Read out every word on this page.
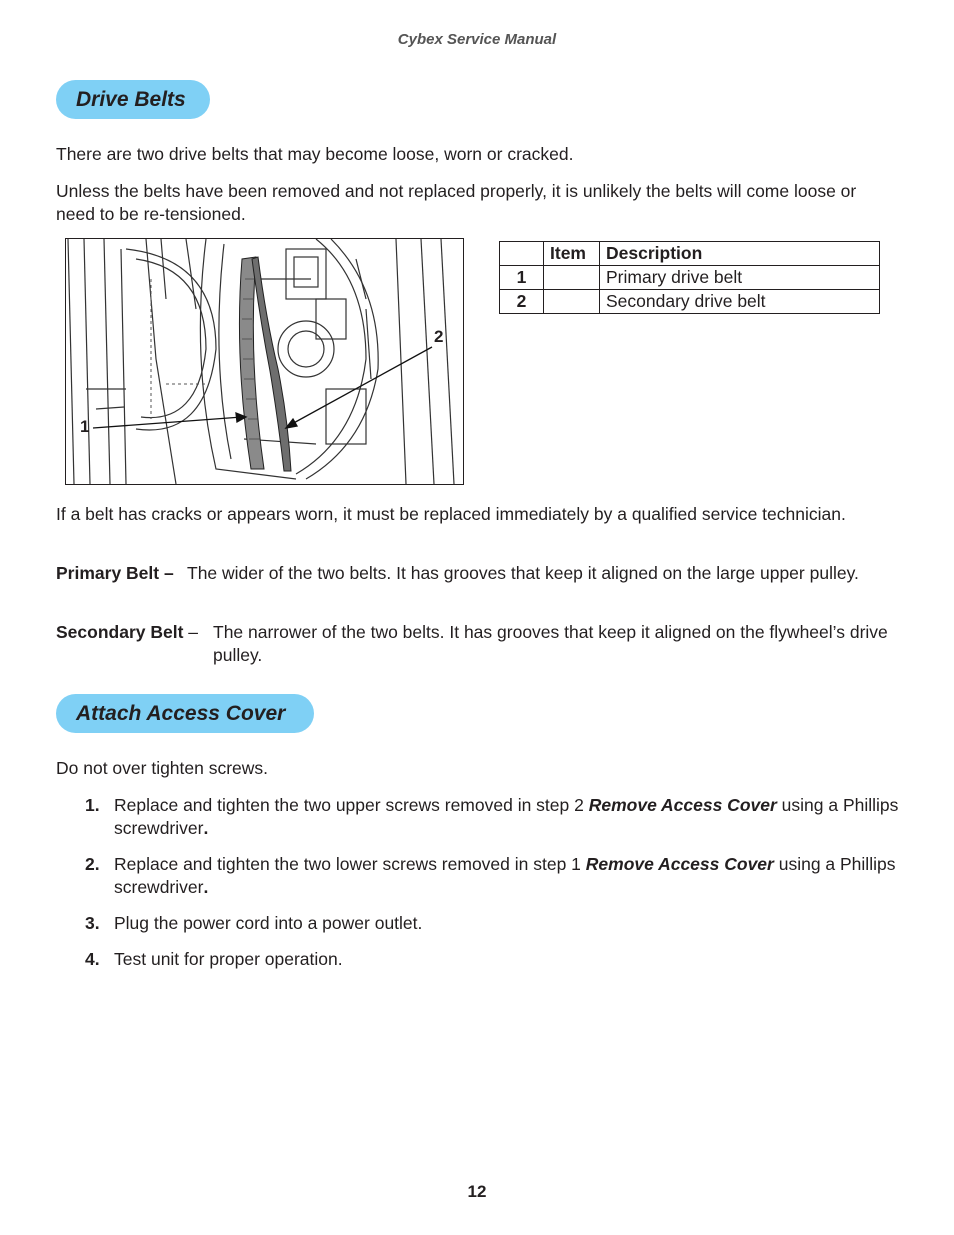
Cybex Service Manual
Drive Belts
There are two drive belts that may become loose, worn or cracked.
Unless the belts have been removed and not replaced properly, it is unlikely the belts will come loose or need to be re-tensioned.
1
2
	Item	Description
1		Primary drive belt
2		Secondary drive belt
If a belt has cracks or appears worn, it must be replaced immediately by a qualified service technician.
Primary Belt – The wider of the two belts. It has grooves that keep it aligned on the large upper pulley.
Secondary Belt – The narrower of the two belts. It has grooves that keep it aligned on the flywheel’s drive pulley.
Attach Access Cover
Do not over tighten screws.
1. Replace and tighten the two upper screws removed in step 2 Remove Access Cover using a Phillips screwdriver.
2. Replace and tighten the two lower screws removed in step 1 Remove Access Cover using a Phillips screwdriver.
3. Plug the power cord into a power outlet.
4. Test unit for proper operation.
12
